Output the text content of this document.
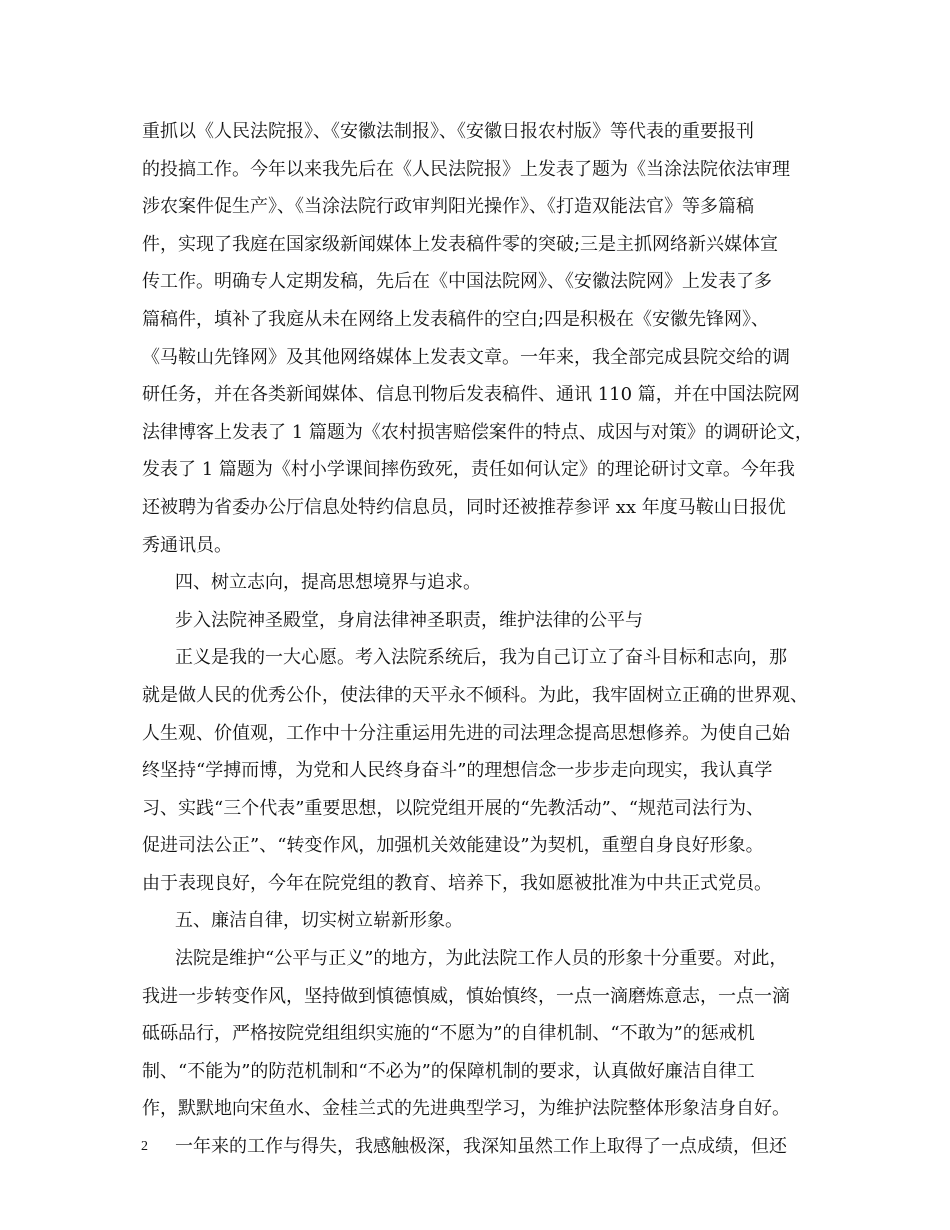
重抓以《人民法院报》、《安徽法制报》、《安徽日报农村版》等代表的重要报刊
的投搞工作。今年以来我先后在《人民法院报》上发表了题为《当涂法院依法审理
涉农案件促生产》、《当涂法院行政审判阳光操作》、《打造双能法官》等多篇稿
件，实现了我庭在国家级新闻媒体上发表稿件零的突破;三是主抓网络新兴媒体宣
传工作。明确专人定期发稿，先后在《中国法院网》、《安徽法院网》上发表了多
篇稿件，填补了我庭从未在网络上发表稿件的空白;四是积极在《安徽先锋网》、
《马鞍山先锋网》及其他网络媒体上发表文章。一年来，我全部完成县院交给的调
研任务，并在各类新闻媒体、信息刊物后发表稿件、通讯 110 篇，并在中国法院网
法律博客上发表了 1 篇题为《农村损害赔偿案件的特点、成因与对策》的调研论文，
发表了 1 篇题为《村小学课间摔伤致死，责任如何认定》的理论研讨文章。今年我
还被聘为省委办公厅信息处特约信息员，同时还被推荐参评 xx 年度马鞍山日报优
秀通讯员。
四、树立志向，提高思想境界与追求。
步入法院神圣殿堂，身肩法律神圣职责，维护法律的公平与
正义是我的一大心愿。考入法院系统后，我为自己订立了奋斗目标和志向，那
就是做人民的优秀公仆，使法律的天平永不倾科。为此，我牢固树立正确的世界观、
人生观、价值观，工作中十分注重运用先进的司法理念提高思想修养。为使自己始
终坚持“学搏而博，为党和人民终身奋斗”的理想信念一步步走向现实，我认真学
习、实践“三个代表”重要思想，以院党组开展的“先教活动”、“规范司法行为、
促进司法公正”、“转变作风，加强机关效能建设”为契机，重塑自身良好形象。
由于表现良好，今年在院党组的教育、培养下，我如愿被批准为中共正式党员。
五、廉洁自律，切实树立崭新形象。
法院是维护“公平与正义”的地方，为此法院工作人员的形象十分重要。对此，
我进一步转变作风，坚持做到慎德慎威，慎始慎终，一点一滴磨炼意志，一点一滴
砥砾品行，严格按院党组组织实施的“不愿为”的自律机制、“不敢为”的惩戒机
制、“不能为”的防范机制和“不必为”的保障机制的要求，认真做好廉洁自律工
作，默默地向宋鱼水、金桂兰式的先进典型学习，为维护法院整体形象洁身自好。
一年来的工作与得失，我感触极深，我深知虽然工作上取得了一点成绩，但还
2
